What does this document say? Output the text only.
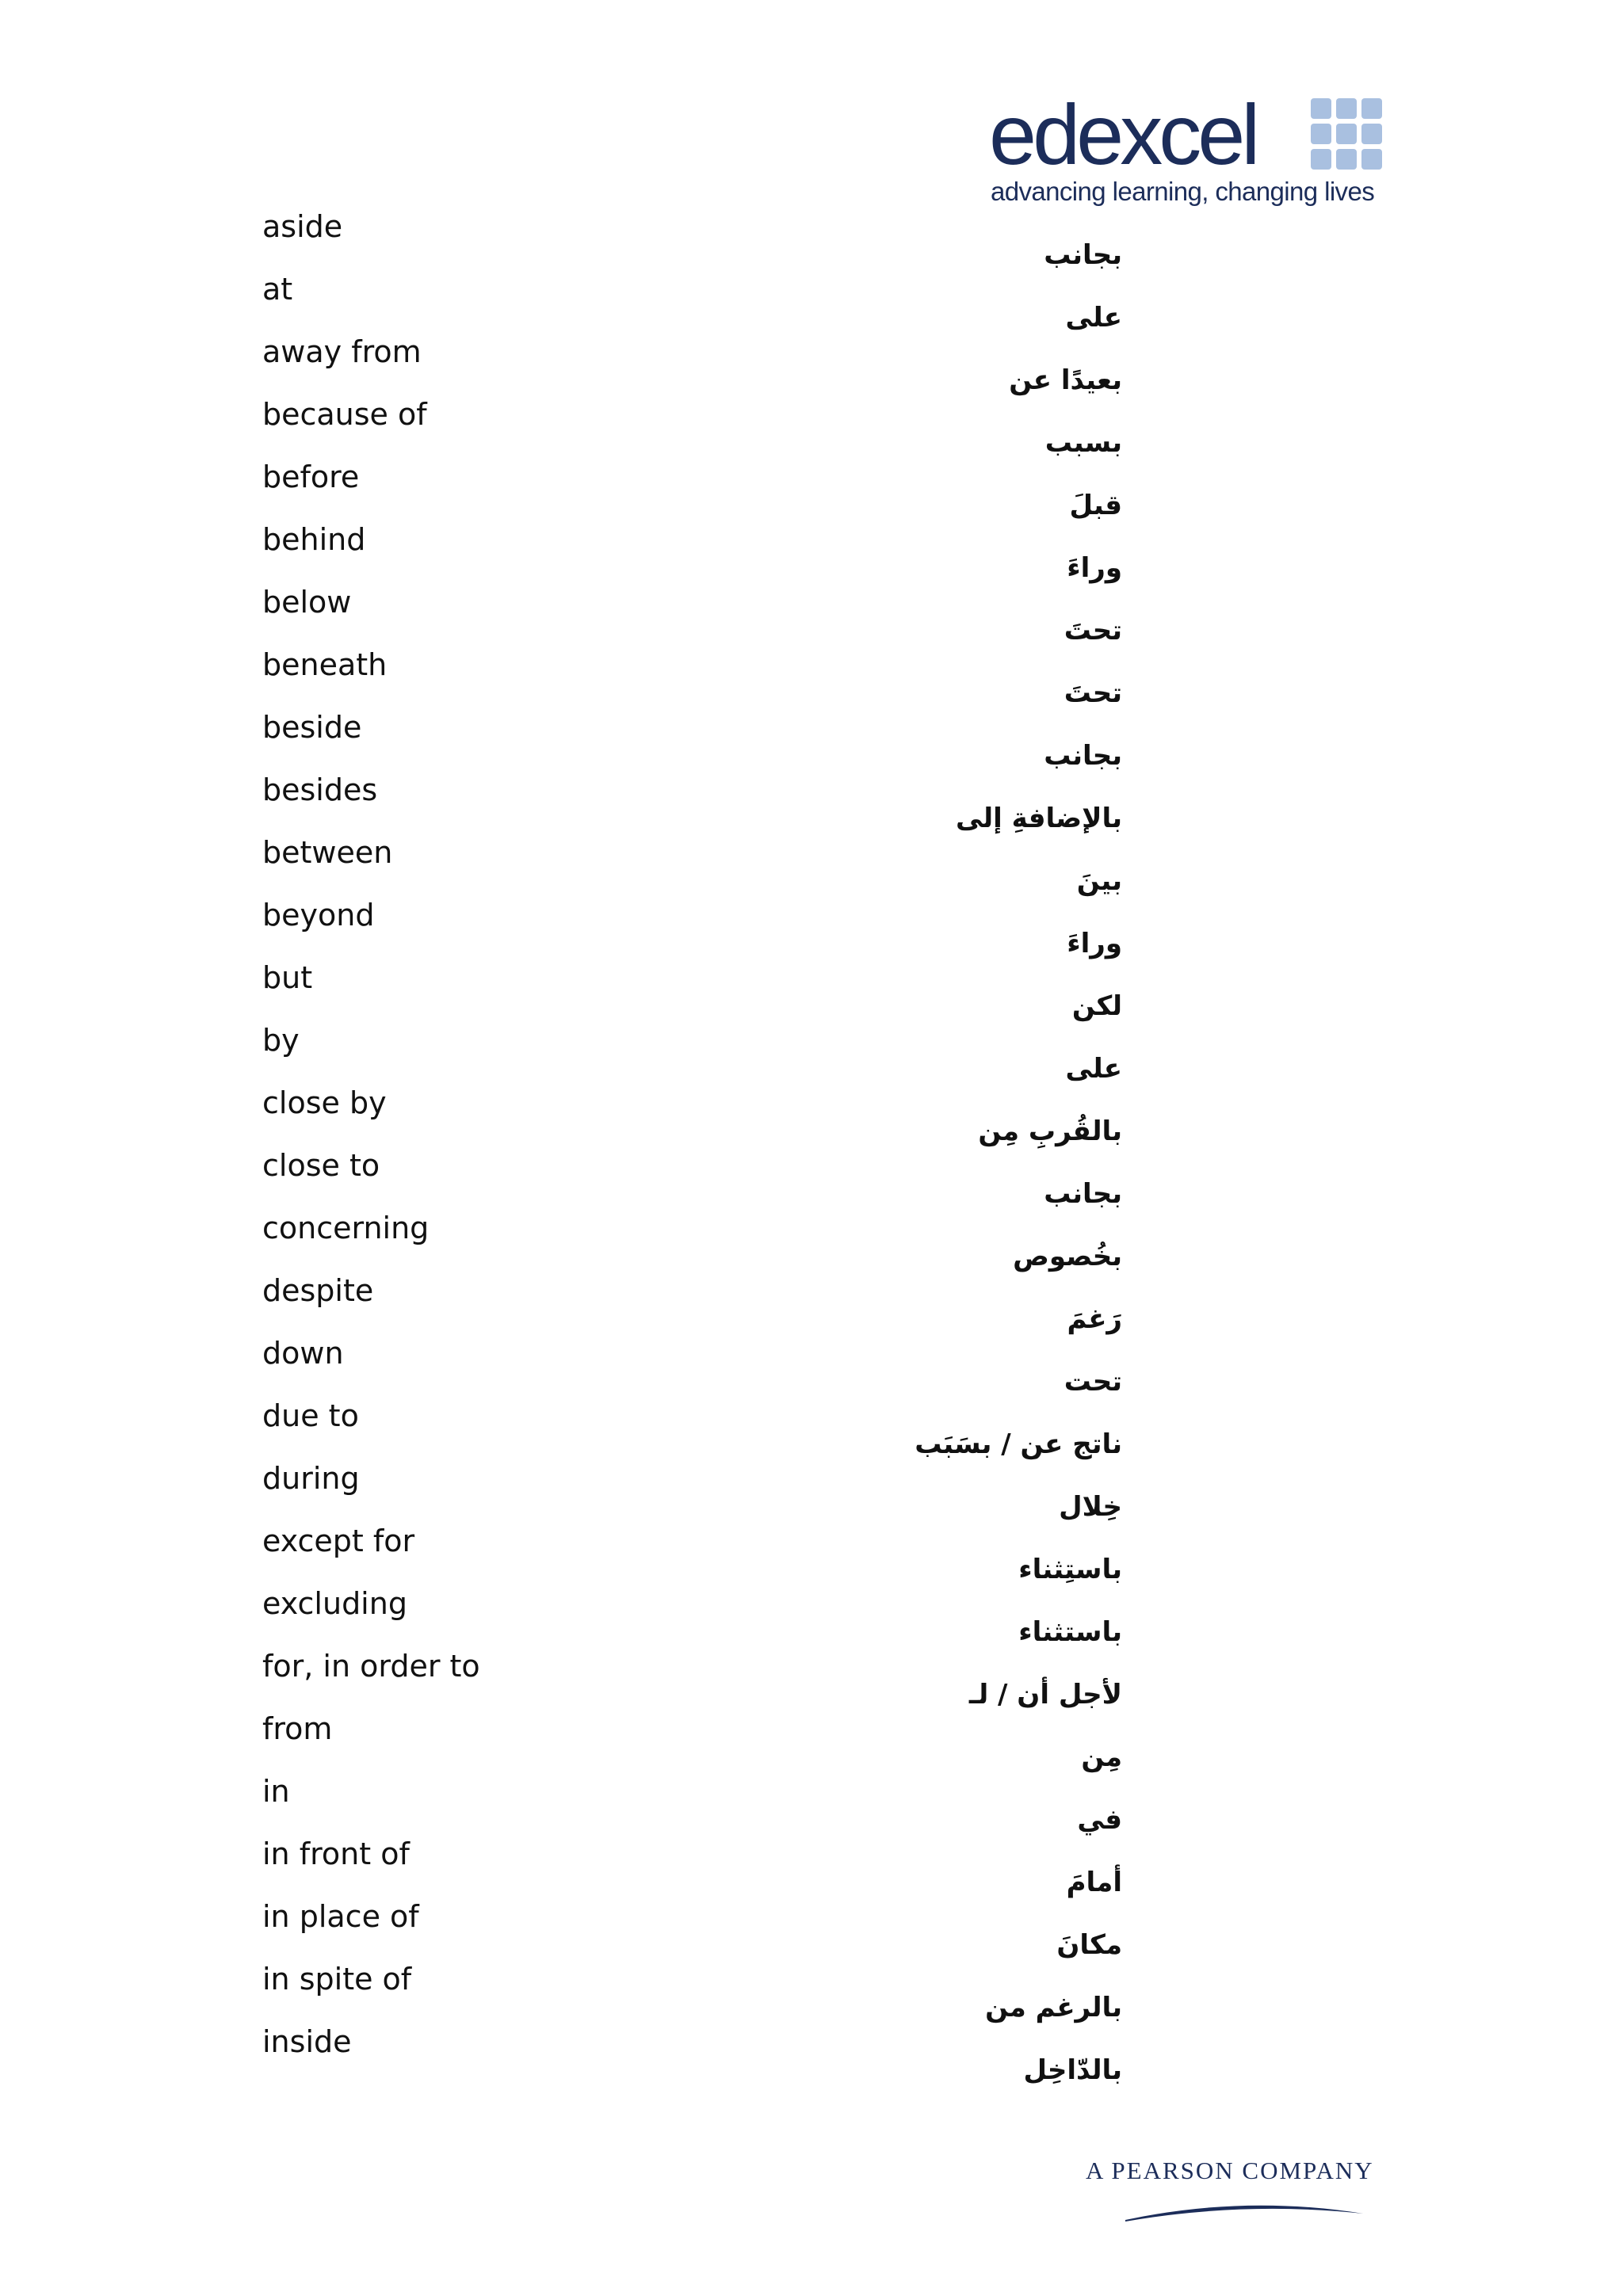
edexcel
advancing learning, changing lives
aside
at
away from
because of
before
behind
below
beneath
beside
besides
between
beyond
but
by
close by
close to
concerning
despite
down
due to
during
except for
excluding
for, in order to
from
in
in front of
in place of
in spite of
inside
بجانب
على
بعيدًا عن
بسبب
قبلَ
وراءَ
تحتَ
تحتَ
بجانب
بالإضافةِ إلى
بينَ
وراءَ
لكن
على
بالقُربِ مِن
بجانب
بخُصوص
رَغمَ
تحت
ناتج عن / بسَبَب
خِلال
باستِثناء
باستثناء
لأجل أن / لـ
مِن
في
أمامَ
مكانَ
بالرغم من
بالدّاخِل
A PEARSON COMPANY
